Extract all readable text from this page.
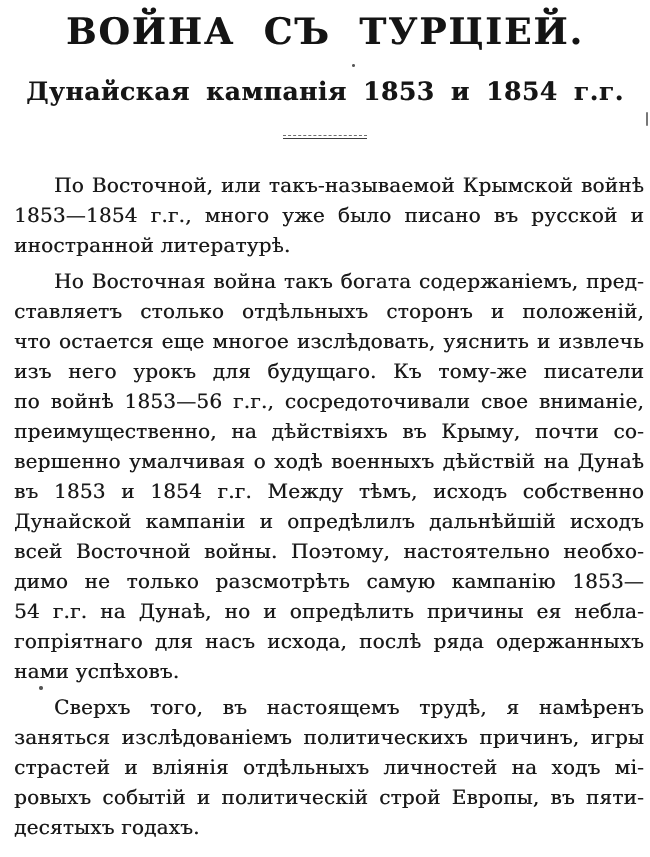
ВОЙНА СЪ ТУРЦІЕЙ.
Дунайская кампанія 1853 и 1854 г.г.
По Восточной, или такъ-называемой Крымской войнѣ
1853—1854 г.г., много уже было писано въ русской и
иностранной литературѣ.
Но Восточная война такъ богата содержаніемъ, пред-
ставляетъ столько отдѣльныхъ сторонъ и положеній,
что остается еще многое изслѣдовать, уяснить и извлечь
изъ него урокъ для будущаго. Къ тому-же писатели
по войнѣ 1853—56 г.г., сосредоточивали свое вниманіе,
преимущественно, на дѣйствіяхъ въ Крыму, почти со-
вершенно умалчивая о ходѣ военныхъ дѣйствій на Дунаѣ
въ 1853 и 1854 г.г. Между тѣмъ, исходъ собственно
Дунайской кампаніи и опредѣлилъ дальнѣйшій исходъ
всей Восточной войны. Поэтому, настоятельно необхо-
димо не только разсмотрѣть самую кампанію 1853—
54 г.г. на Дунаѣ, но и опредѣлить причины ея небла-
гопріятнаго для насъ исхода, послѣ ряда одержанныхъ
нами успѣховъ.
Сверхъ того, въ настоящемъ трудѣ, я намѣренъ
заняться изслѣдованіемъ политическихъ причинъ, игры
страстей и вліянія отдѣльныхъ личностей на ходъ мі-
ровыхъ событій и политическій строй Европы, въ пяти-
десятыхъ годахъ.
